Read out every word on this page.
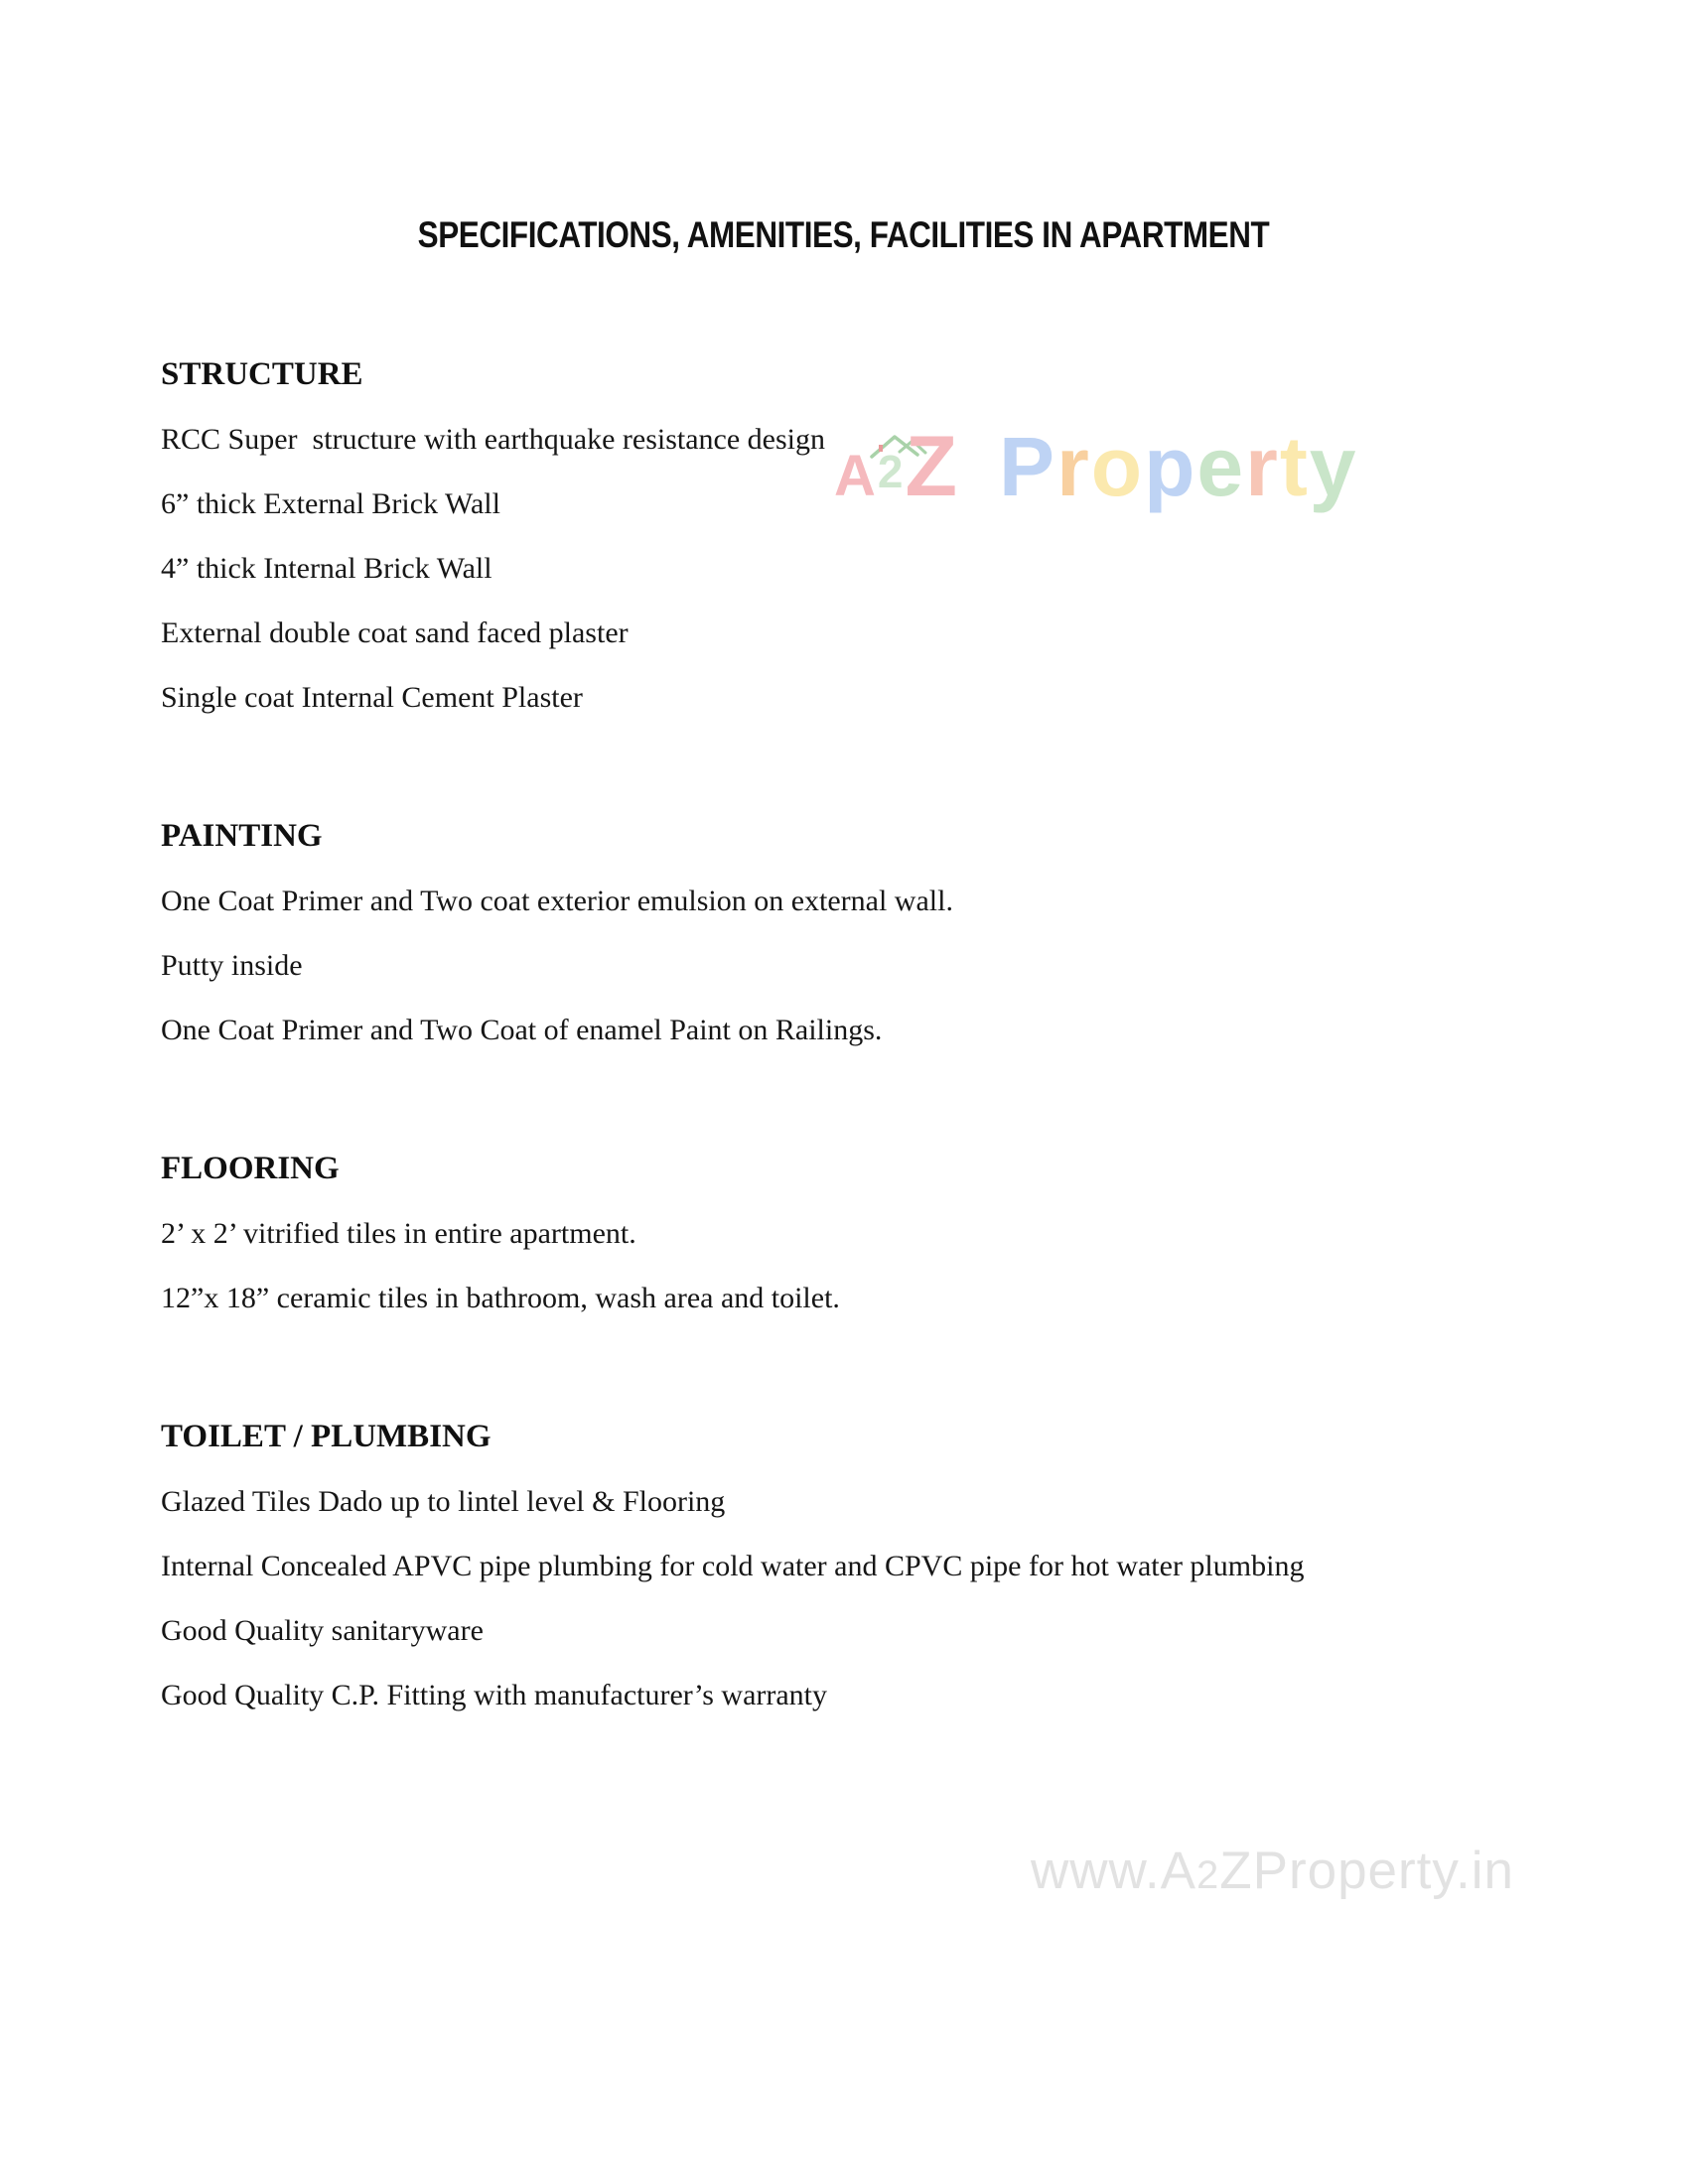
SPECIFICATIONS, AMENITIES, FACILITIES IN APARTMENT
A 2 Z P r o p e r t y
STRUCTURE

RCC Super  structure with earthquake resistance design

6” thick External Brick Wall

4” thick Internal Brick Wall

External double coat sand faced plaster

Single coat Internal Cement Plaster

PAINTING

One Coat Primer and Two coat exterior emulsion on external wall.

Putty inside

One Coat Primer and Two Coat of enamel Paint on Railings.

FLOORING

2’ x 2’ vitrified tiles in entire apartment.

12”x 18” ceramic tiles in bathroom, wash area and toilet.

TOILET / PLUMBING

Glazed Tiles Dado up to lintel level & Flooring

Internal Concealed APVC pipe plumbing for cold water and CPVC pipe for hot water plumbing

Good Quality sanitaryware

Good Quality C.P. Fitting with manufacturer’s warranty

www.A2ZProperty.in
